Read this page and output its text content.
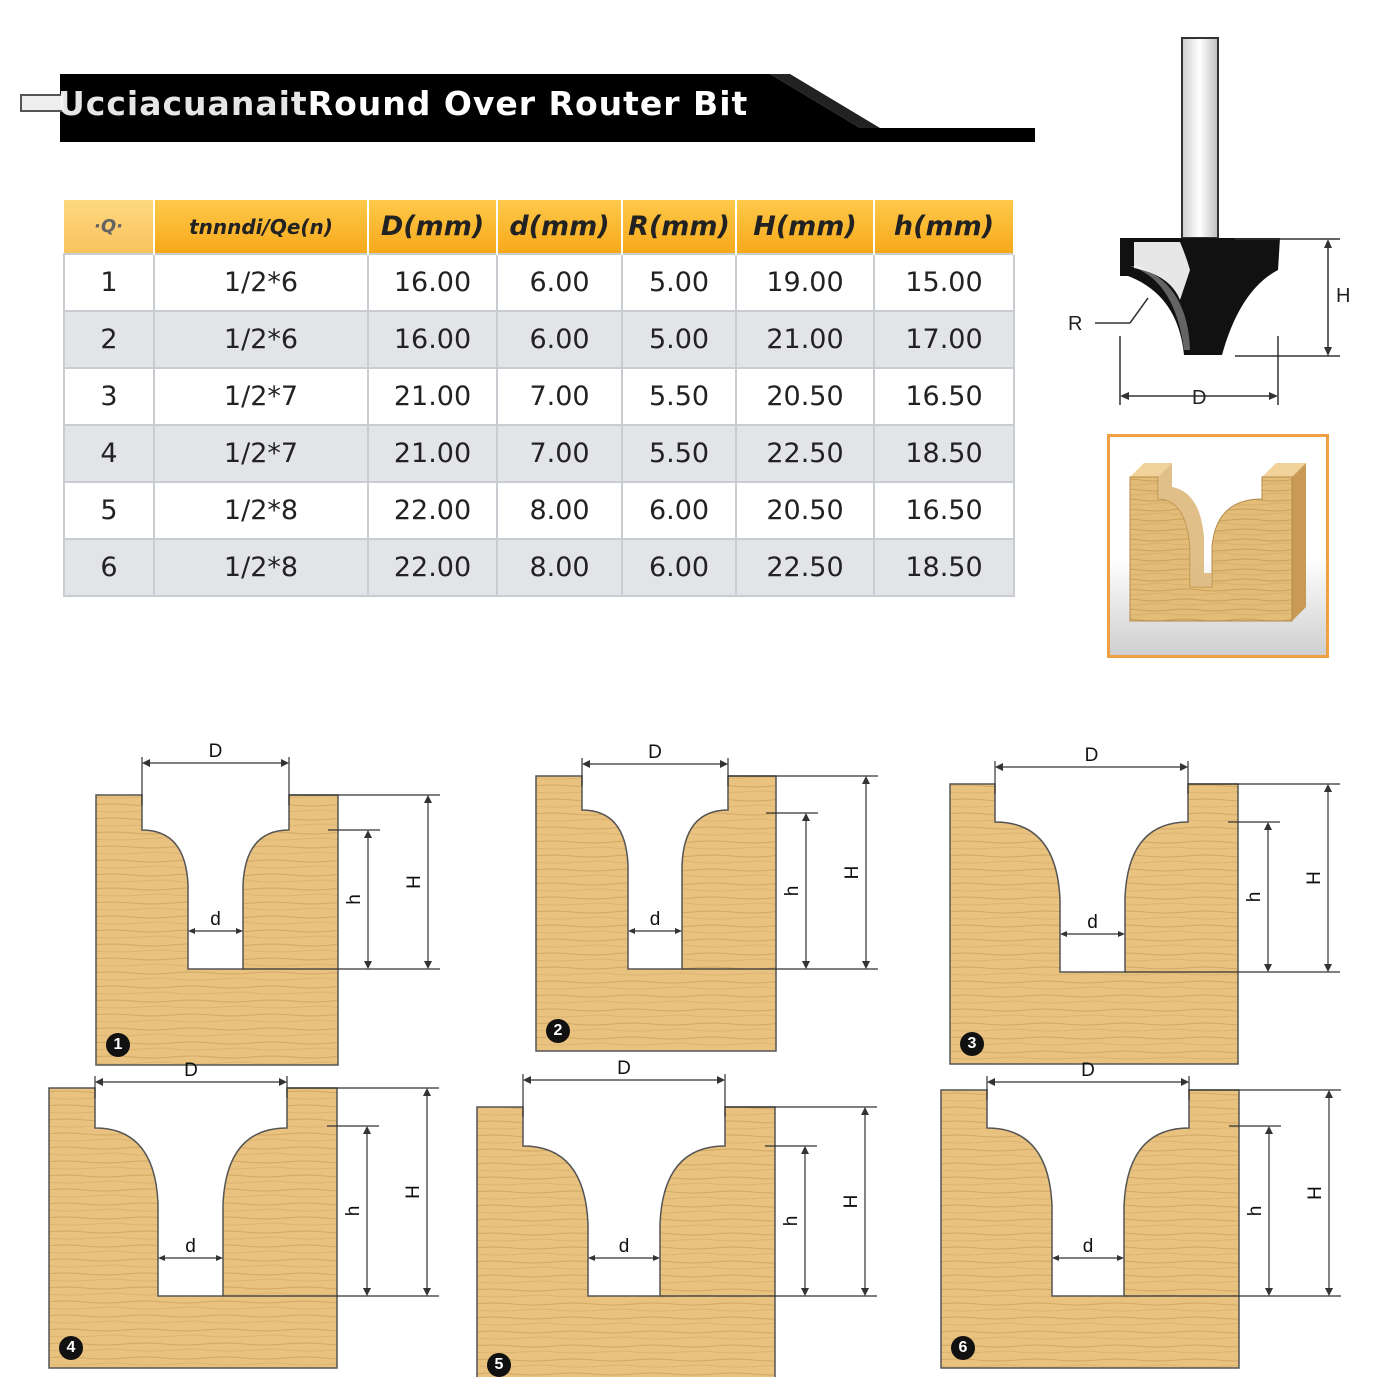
UcciacuanaitRound Over Router Bit
·Q·	tnnndi/Qe(n)	D(mm)	d(mm)	R(mm)	H(mm)	h(mm)
1	1/2*6	16.00	6.00	5.00	19.00	15.00
2	1/2*6	16.00	6.00	5.00	21.00	17.00
3	1/2*7	21.00	7.00	5.50	20.50	16.50
4	1/2*7	21.00	7.00	5.50	22.50	18.50
5	1/2*8	22.00	8.00	6.00	20.50	16.50
6	1/2*8	22.00	8.00	6.00	22.50	18.50
H
R
D
D
d
h
H
1
D
d
h
H
2
D
d
h
H
3
D
d
h
H
4
D
d
h
H
5
D
d
h
H
6
